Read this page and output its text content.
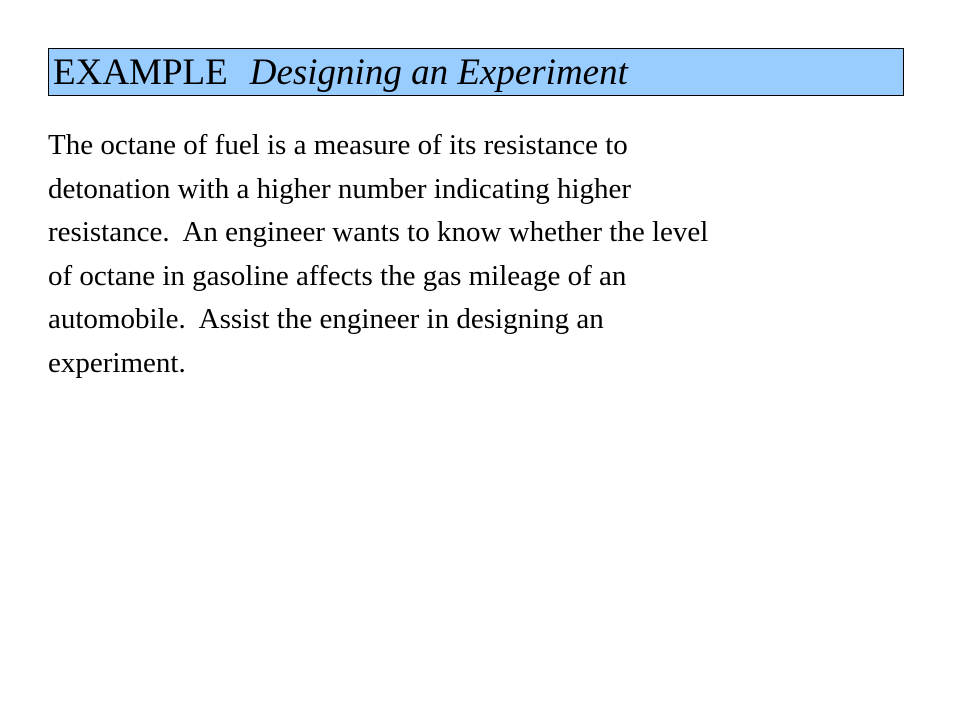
EXAMPLE Designing an Experiment

The octane of fuel is a measure of its resistance to
detonation with a higher number indicating higher
resistance.  An engineer wants to know whether the level
of octane in gasoline affects the gas mileage of an
automobile.  Assist the engineer in designing an
experiment.
